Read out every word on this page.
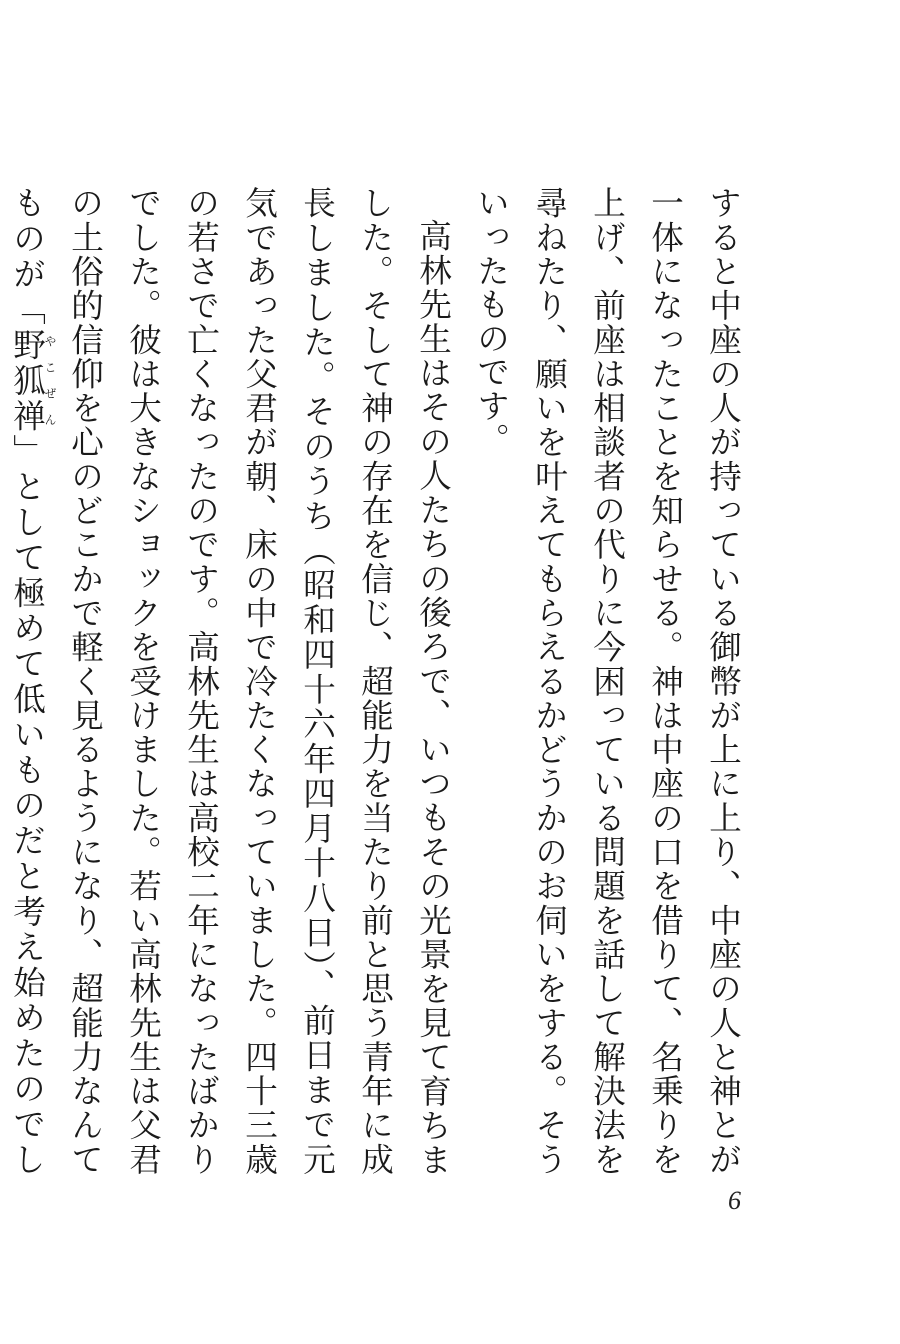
すると中座の人が持っている御幣が上に上り、中座の人と神とが一体になったことを知らせる。神は中座の口を借りて、名乗りを上げ、前座は相談者の代りに今困っている問題を話して解決法を尋ねたり、願いを叶えてもらえるかどうかのお伺いをする。そういったものです。

高林先生はその人たちの後ろで、いつもその光景を見て育ちました。そして神の存在を信じ、超能力を当たり前と思う青年に成長しました。そのうち（昭和四十六年四月十八日）、前日まで元気であった父君が朝、床の中で冷たくなっていました。四十三歳の若さで亡くなったのです。高林先生は高校二年になったばかりでした。彼は大きなショックを受けました。若い高林先生は父君の土俗的信仰を心のどこかで軽く見るようになり、超能力なんてものが「野狐禅やこぜん」として極めて低いものだと考え始めたのでし

6
